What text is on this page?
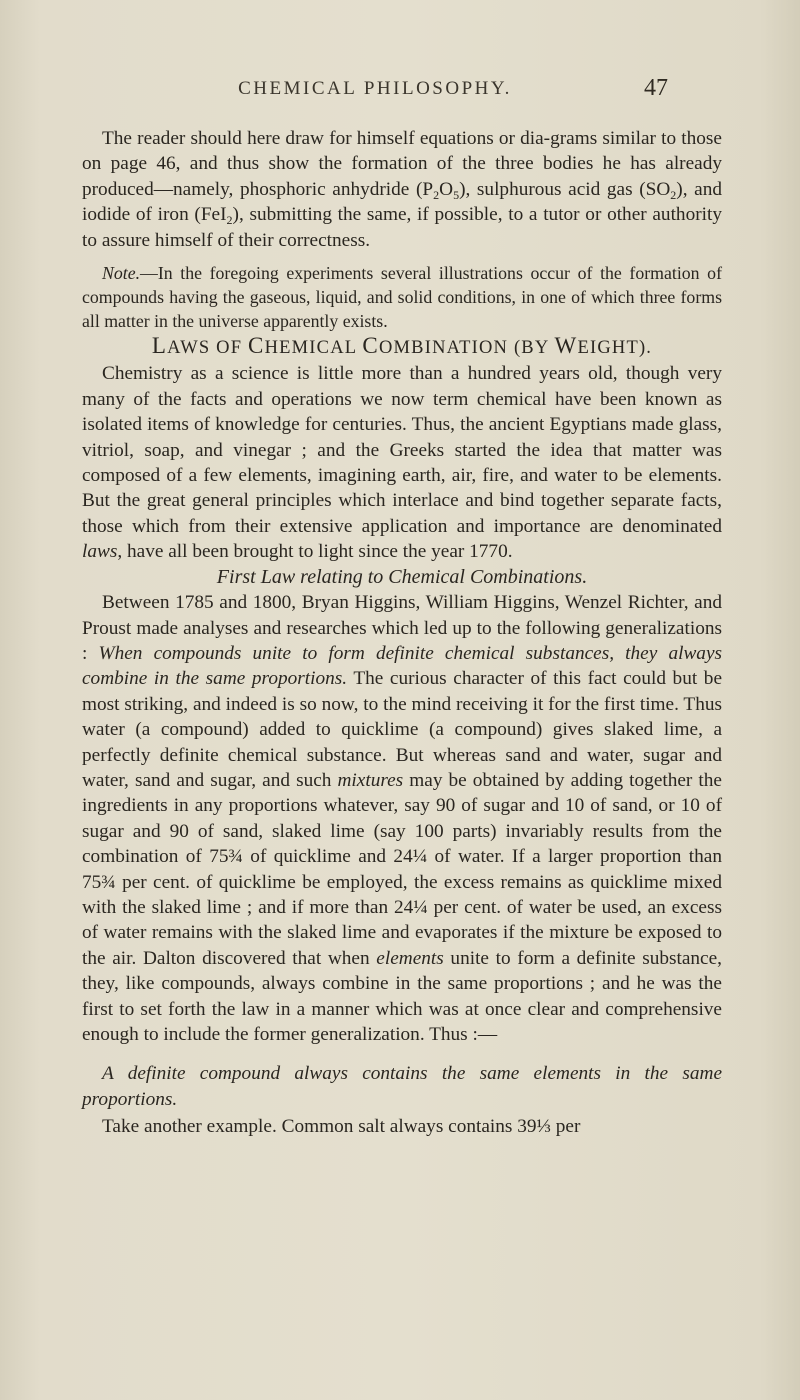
CHEMICAL PHILOSOPHY.	47

The reader should here draw for himself equations or dia-grams similar to those on page 46, and thus show the formation of the three bodies he has already produced—namely, phosphoric anhydride $(P_2O_5)$, sulphurous acid gas $(SO_2)$, and iodide of iron (FeI$_2$), submitting the same, if possible, to a tutor or other authority to assure himself of their correctness.

Note.—In the foregoing experiments several illustrations occur of the formation of compounds having the gaseous, liquid, and solid conditions, in one of which three forms all matter in the universe apparently exists.

LAWS OF CHEMICAL COMBINATION (BY WEIGHT).

Chemistry as a science is little more than a hundred years old, though very many of the facts and operations we now term chemical have been known as isolated items of knowledge for centuries. Thus, the ancient Egyptians made glass, vitriol, soap, and vinegar ; and the Greeks started the idea that matter was composed of a few elements, imagining earth, air, fire, and water to be elements. But the great general principles which interlace and bind together separate facts, those which from their extensive application and importance are denominated laws, have all been brought to light since the year 1770.

First Law relating to Chemical Combinations.

Between 1785 and 1800, Bryan Higgins, William Higgins, Wenzel Richter, and Proust made analyses and researches which led up to the following generalizations : When compounds unite to form definite chemical substances, they always combine in the same proportions. The curious character of this fact could but be most striking, and indeed is so now, to the mind receiving it for the first time. Thus water (a compound) added to quicklime (a compound) gives slaked lime, a perfectly definite chemical substance. But whereas sand and water, sugar and water, sand and sugar, and such mixtures may be obtained by adding together the ingredients in any proportions whatever, say 90 of sugar and 10 of sand, or 10 of sugar and 90 of sand, slaked lime (say 100 parts) invariably results from the combination of 75¾ of quicklime and 24¼ of water. If a larger proportion than 75¾ per cent. of quicklime be employed, the excess remains as quicklime mixed with the slaked lime ; and if more than 24¼ per cent. of water be used, an excess of water remains with the slaked lime and evaporates if the mixture be exposed to the air. Dalton discovered that when elements unite to form a definite substance, they, like compounds, always combine in the same proportions ; and he was the first to set forth the law in a manner which was at once clear and comprehensive enough to include the former generalization. Thus :—

A definite compound always contains the same elements in the same proportions.

Take another example. Common salt always contains 39⅓ per
